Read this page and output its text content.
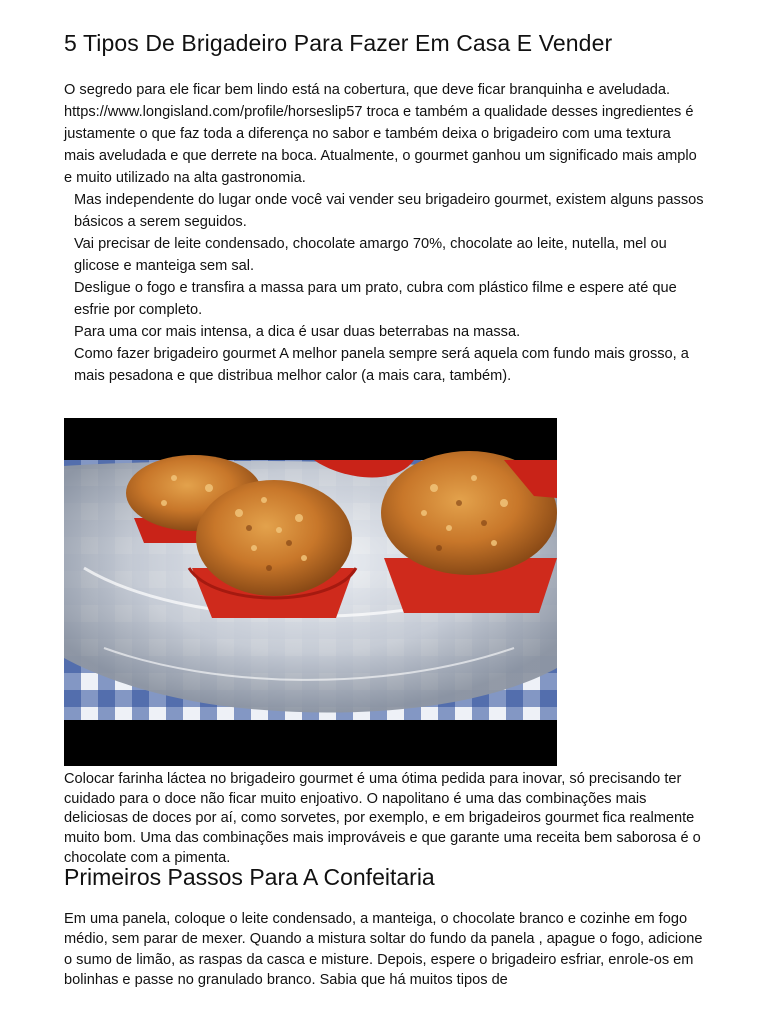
5 Tipos De Brigadeiro Para Fazer Em Casa E Vender

O segredo para ele ficar bem lindo está na cobertura, que deve ficar branquinha e aveludada. https://www.longisland.com/profile/horseslip57 troca e também a qualidade desses ingredientes é justamente o que faz toda a diferença no sabor e também deixa o brigadeiro com uma textura mais aveludada e que derrete na boca. Atualmente, o gourmet ganhou um significado mais amplo e muito utilizado na alta gastronomia.

Mas independente do lugar onde você vai vender seu brigadeiro gourmet, existem alguns passos básicos a serem seguidos.
Vai precisar de leite condensado, chocolate amargo 70%, chocolate ao leite, nutella, mel ou glicose e manteiga sem sal.
Desligue o fogo e transfira a massa para um prato, cubra com plástico filme e espere até que esfrie por completo.
Para uma cor mais intensa, a dica é usar duas beterrabas na massa.
Como fazer brigadeiro gourmet A melhor panela sempre será aquela com fundo mais grosso, a mais pesadona e que distribua melhor calor (a mais cara, também).

Colocar farinha láctea no brigadeiro gourmet é uma ótima pedida para inovar, só precisando ter cuidado para o doce não ficar muito enjoativo. O napolitano é uma das combinações mais deliciosas de doces por aí, como sorvetes, por exemplo, e em brigadeiros gourmet fica realmente muito bom. Uma das combinações mais improváveis e que garante uma receita bem saborosa é o chocolate com a pimenta.

Primeiros Passos Para A Confeitaria

Em uma panela, coloque o leite condensado, a manteiga, o chocolate branco e cozinhe em fogo médio, sem parar de mexer. Quando a mistura soltar do fundo da panela , apague o fogo, adicione o sumo de limão, as raspas da casca e misture. Depois, espere o brigadeiro esfriar, enrole-os em bolinhas e passe no granulado branco. Sabia que há muitos tipos de
